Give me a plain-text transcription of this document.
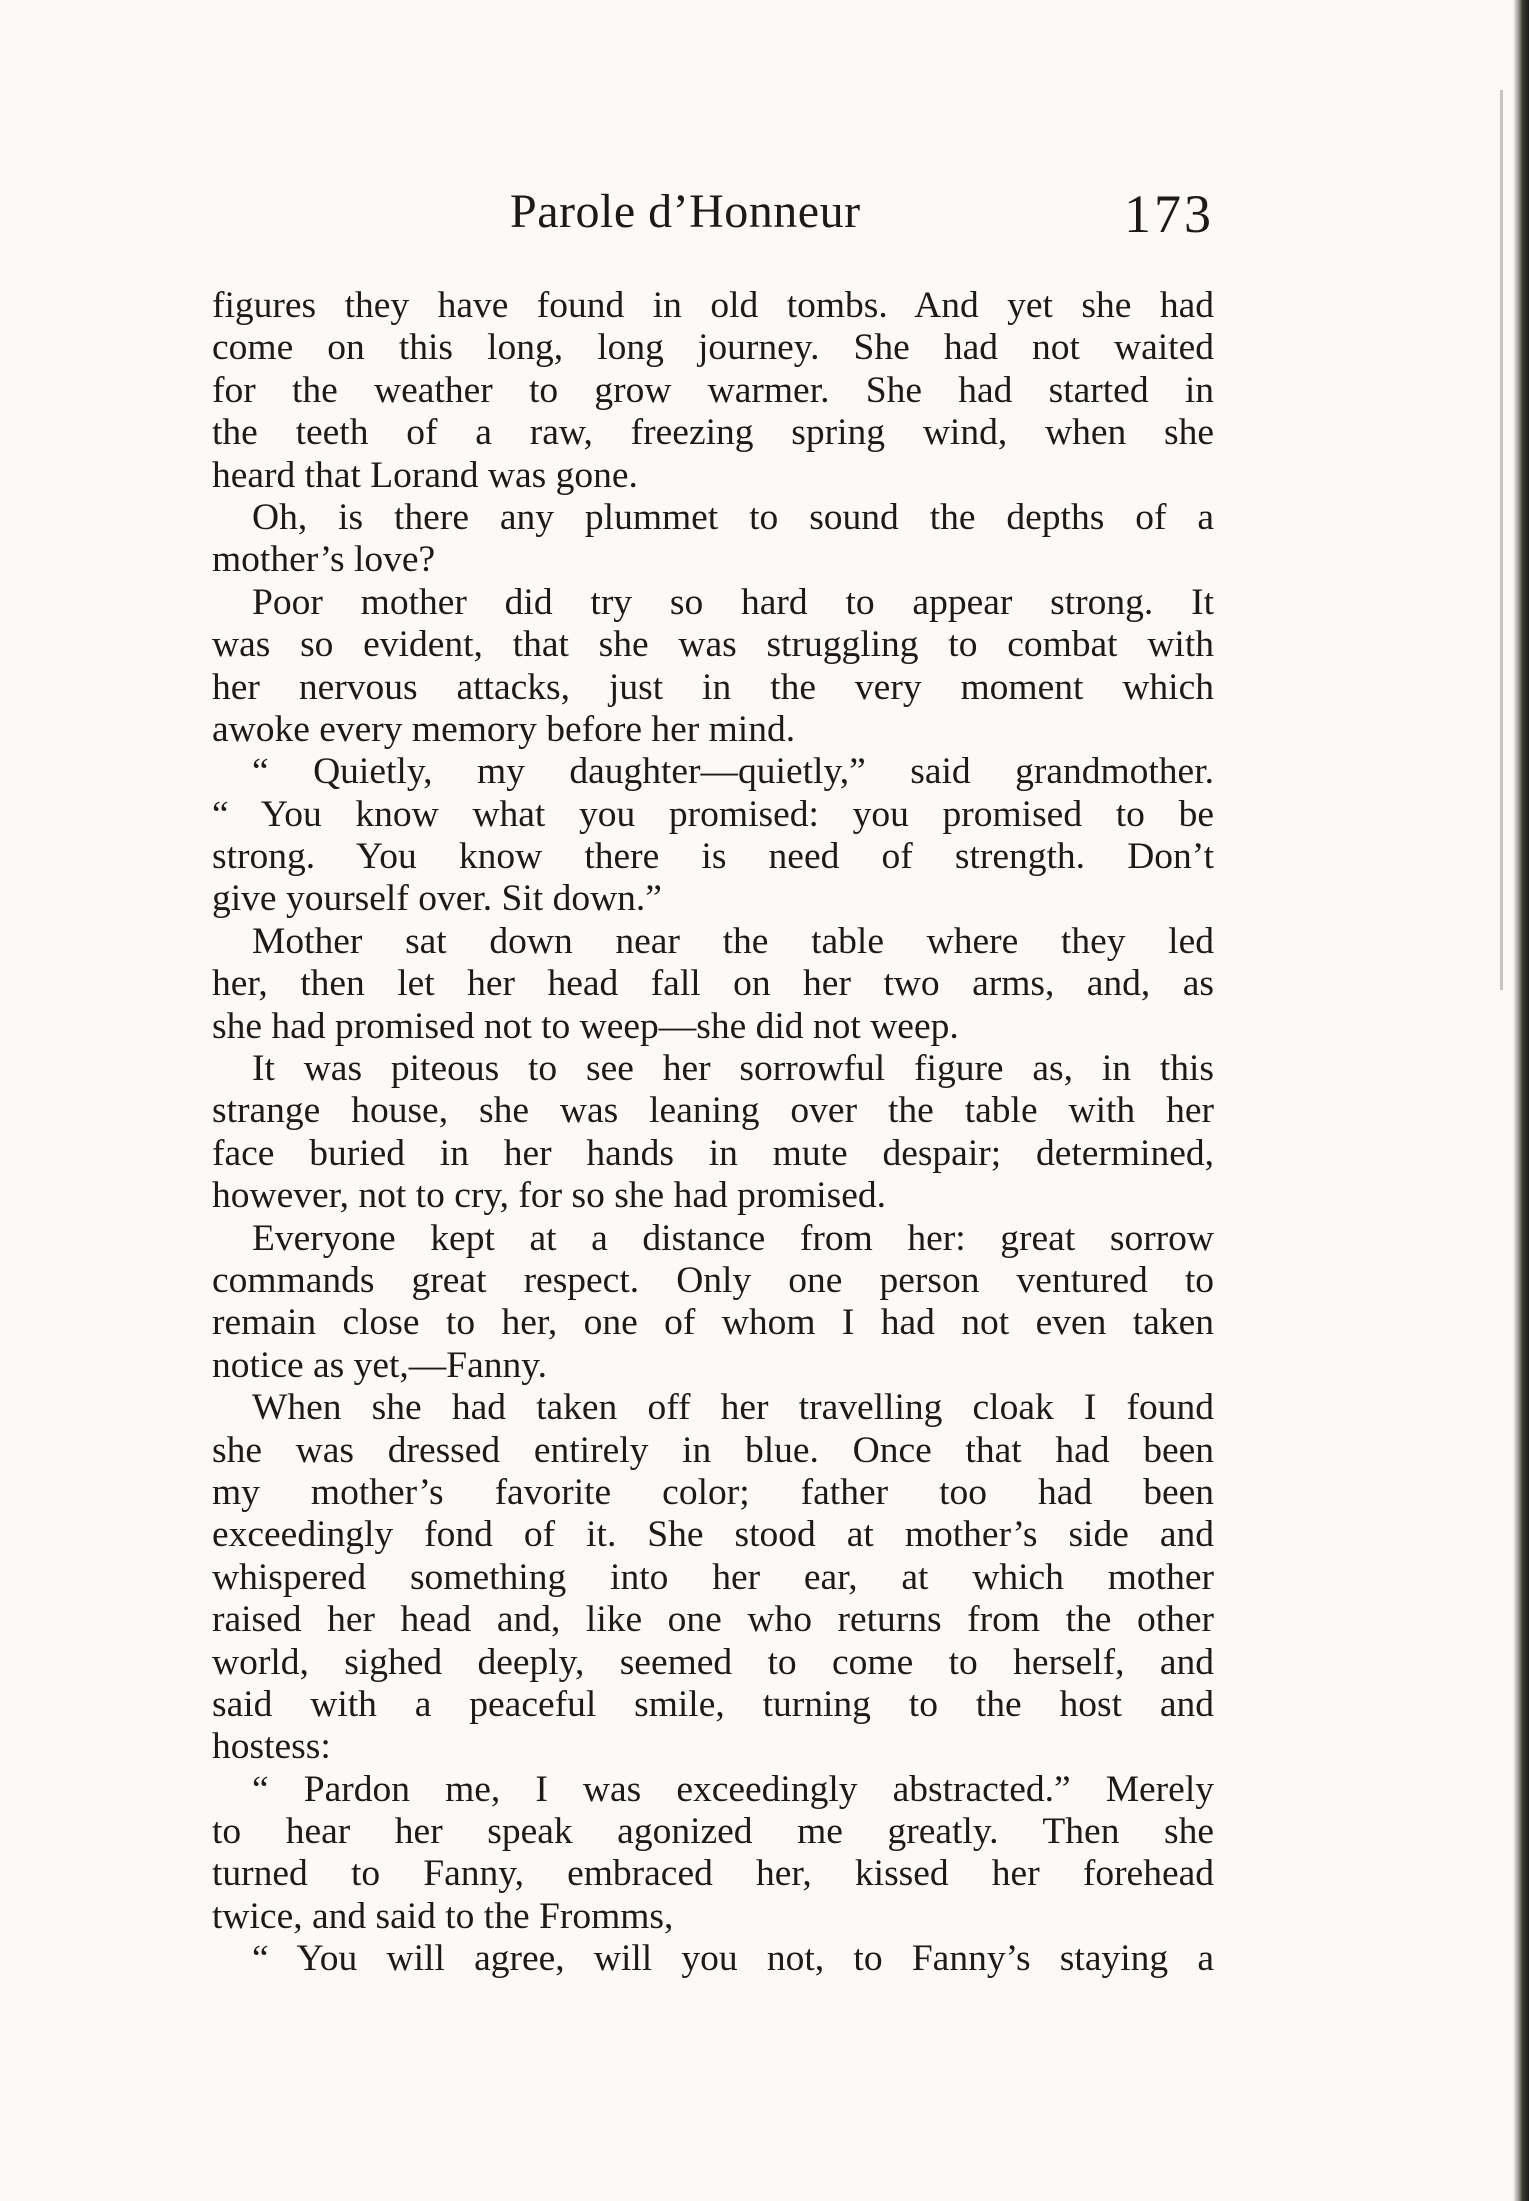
Parole d’Honneur	173
figures they have found in old tombs. And yet she had
come on this long, long journey. She had not waited
for the weather to grow warmer. She had started in
the teeth of a raw, freezing spring wind, when she
heard that Lorand was gone.
Oh, is there any plummet to sound the depths of a
mother’s love?
Poor mother did try so hard to appear strong. It
was so evident, that she was struggling to combat with
her nervous attacks, just in the very moment which
awoke every memory before her mind.
“ Quietly, my daughter—quietly,” said grandmother.
“ You know what you promised: you promised to be
strong. You know there is need of strength. Don’t
give yourself over. Sit down.”
Mother sat down near the table where they led
her, then let her head fall on her two arms, and, as
she had promised not to weep—she did not weep.
It was piteous to see her sorrowful figure as, in this
strange house, she was leaning over the table with her
face buried in her hands in mute despair; determined,
however, not to cry, for so she had promised.
Everyone kept at a distance from her: great sorrow
commands great respect. Only one person ventured to
remain close to her, one of whom I had not even taken
notice as yet,—Fanny.
When she had taken off her travelling cloak I found
she was dressed entirely in blue. Once that had been
my mother’s favorite color; father too had been
exceedingly fond of it. She stood at mother’s side and
whispered something into her ear, at which mother
raised her head and, like one who returns from the other
world, sighed deeply, seemed to come to herself, and
said with a peaceful smile, turning to the host and
hostess:
“ Pardon me, I was exceedingly abstracted.” Merely
to hear her speak agonized me greatly. Then she
turned to Fanny, embraced her, kissed her forehead
twice, and said to the Fromms,
“ You will agree, will you not, to Fanny’s staying a
